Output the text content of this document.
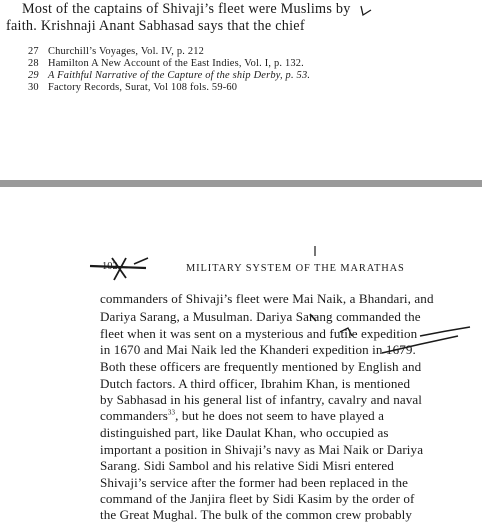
Most of the captains of Shivaji’s fleet were Muslims by
faith. Krishnaji Anant Sabhasad says that the chief
27 Churchill’s Voyages, Vol. IV, p. 212
28 Hamilton A New Account of the East Indies, Vol. I, p. 132.
29 A Faithful Narrative of the Capture of the ship Derby, p. 53.
30 Factory Records, Surat, Vol 108 fols. 59-60
102	MILITARY SYSTEM OF THE MARATHAS
commanders of Shivaji’s fleet were Mai Naik, a Bhandari, and
Dariya Sarang, a Musulman. Dariya Sarang commanded the
fleet when it was sent on a mysterious and futile expedition
in 1670 and Mai Naik led the Khanderi expedition in 1679.
Both these officers are frequently mentioned by English and
Dutch factors. A third officer, Ibrahim Khan, is mentioned
by Sabhasad in his general list of infantry, cavalry and naval
commanders$^{33}$, but he does not seem to have played a
distinguished part, like Daulat Khan, who occupied as
important a position in Shivaji’s navy as Mai Naik or Dariya
Sarang. Sidi Sambol and his relative Sidi Misri entered
Shivaji’s service after the former had been replaced in the
command of the Janjira fleet by Sidi Kasim by the order of
the Great Mughal. The bulk of the common crew probably
